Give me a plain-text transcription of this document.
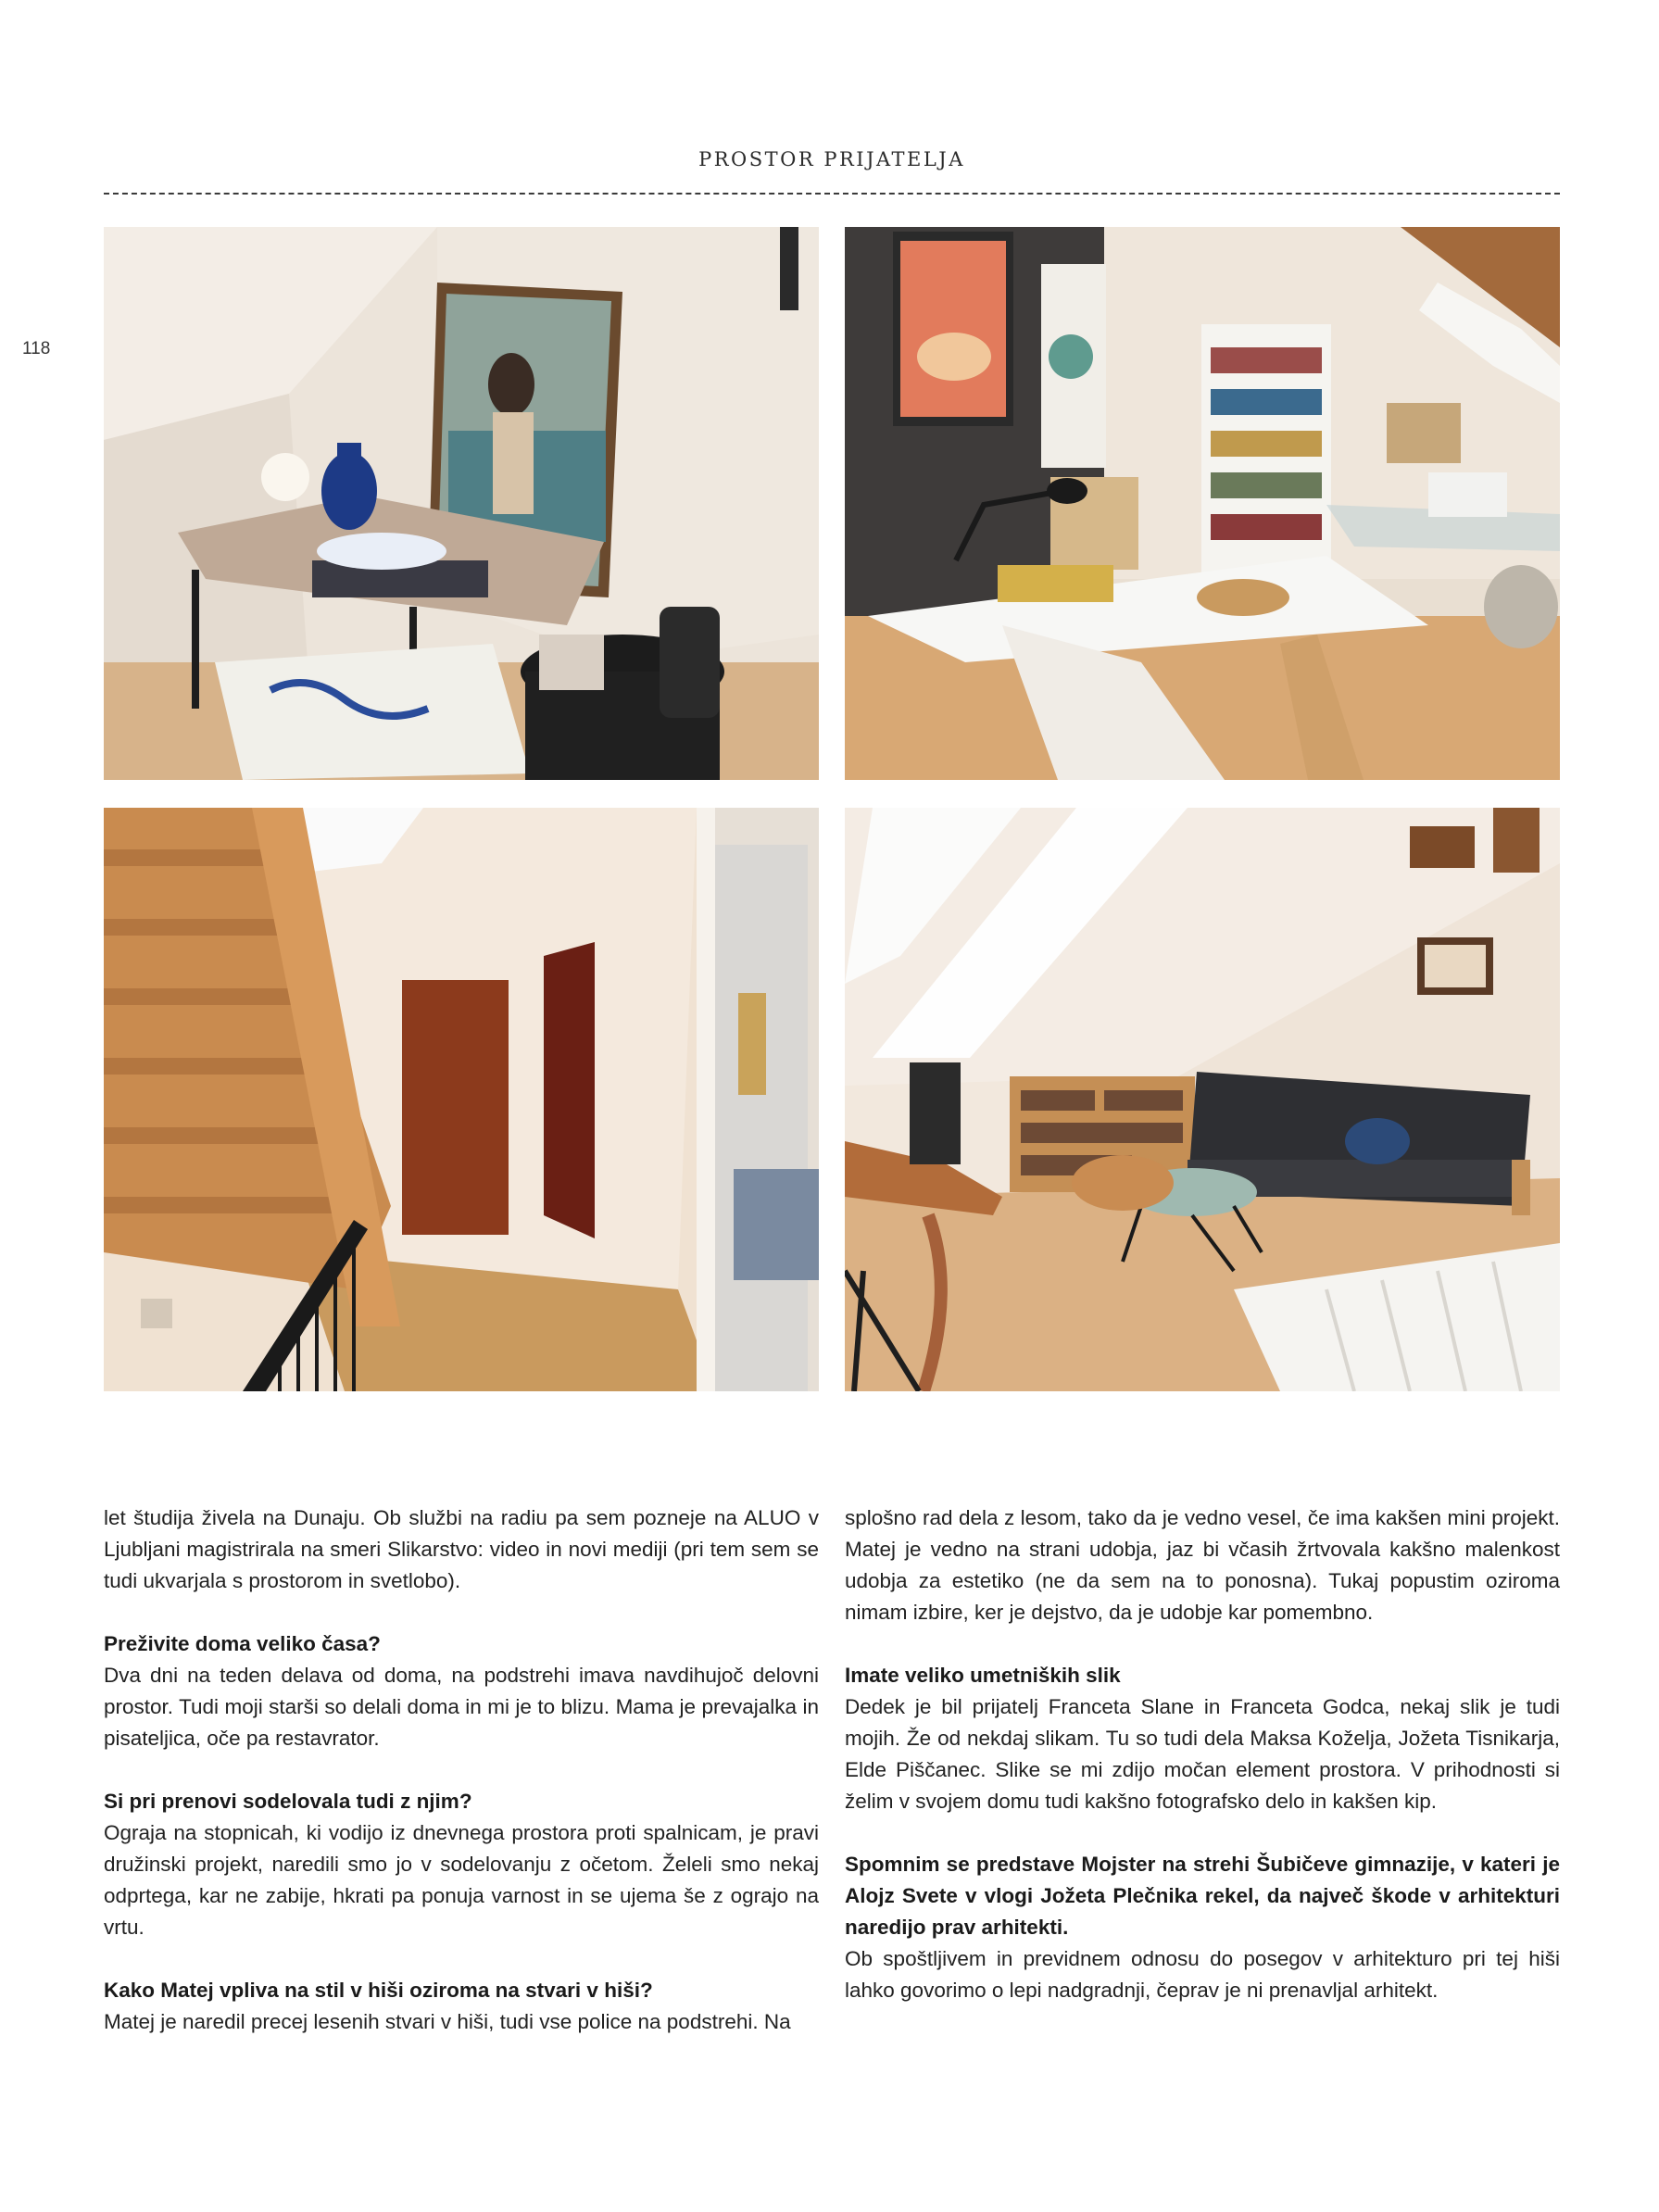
PROSTOR PRIJATELJA
118

let študija živela na Dunaju. Ob službi na radiu pa sem pozneje na ALUO v Ljubljani magistrirala na smeri Slikarstvo: video in novi mediji (pri tem sem se tudi ukvarjala s prostorom in svetlobo).

Preživite doma veliko časa?
Dva dni na teden delava od doma, na podstrehi imava navdihujoč delovni prostor. Tudi moji starši so delali doma in mi je to blizu. Mama je prevajalka in pisateljica, oče pa restavrator.

Si pri prenovi sodelovala tudi z njim?
Ograja na stopnicah, ki vodijo iz dnevnega prostora proti spalnicam, je pravi družinski projekt, naredili smo jo v sodelovanju z očetom. Želeli smo nekaj odprtega, kar ne zabije, hkrati pa ponuja varnost in se ujema še z ograjo na vrtu.

Kako Matej vpliva na stil v hiši oziroma na stvari v hiši?
Matej je naredil precej lesenih stvari v hiši, tudi vse police na podstrehi. Na

splošno rad dela z lesom, tako da je vedno vesel, če ima kakšen mini projekt. Matej je vedno na strani udobja, jaz bi včasih žrtvovala kakšno malenkost udobja za estetiko (ne da sem na to ponosna). Tukaj popustim oziroma nimam izbire, ker je dejstvo, da je udobje kar pomembno.

Imate veliko umetniških slik
Dedek je bil prijatelj Franceta Slane in Franceta Godca, nekaj slik je tudi mojih. Že od nekdaj slikam. Tu so tudi dela Maksa Koželja, Jožeta Tisnikarja, Elde Piščanec. Slike se mi zdijo močan element prostora. V prihodnosti si želim v svojem domu tudi kakšno fotografsko delo in kakšen kip.

Spomnim se predstave Mojster na strehi Šubičeve gimnazije, v kateri je Alojz Svete v vlogi Jožeta Plečnika rekel, da največ škode v arhitekturi naredijo prav arhitekti.
Ob spoštljivem in previdnem odnosu do posegov v arhitekturo pri tej hiši lahko govorimo o lepi nadgradnji, čeprav je ni prenavljal arhitekt.
